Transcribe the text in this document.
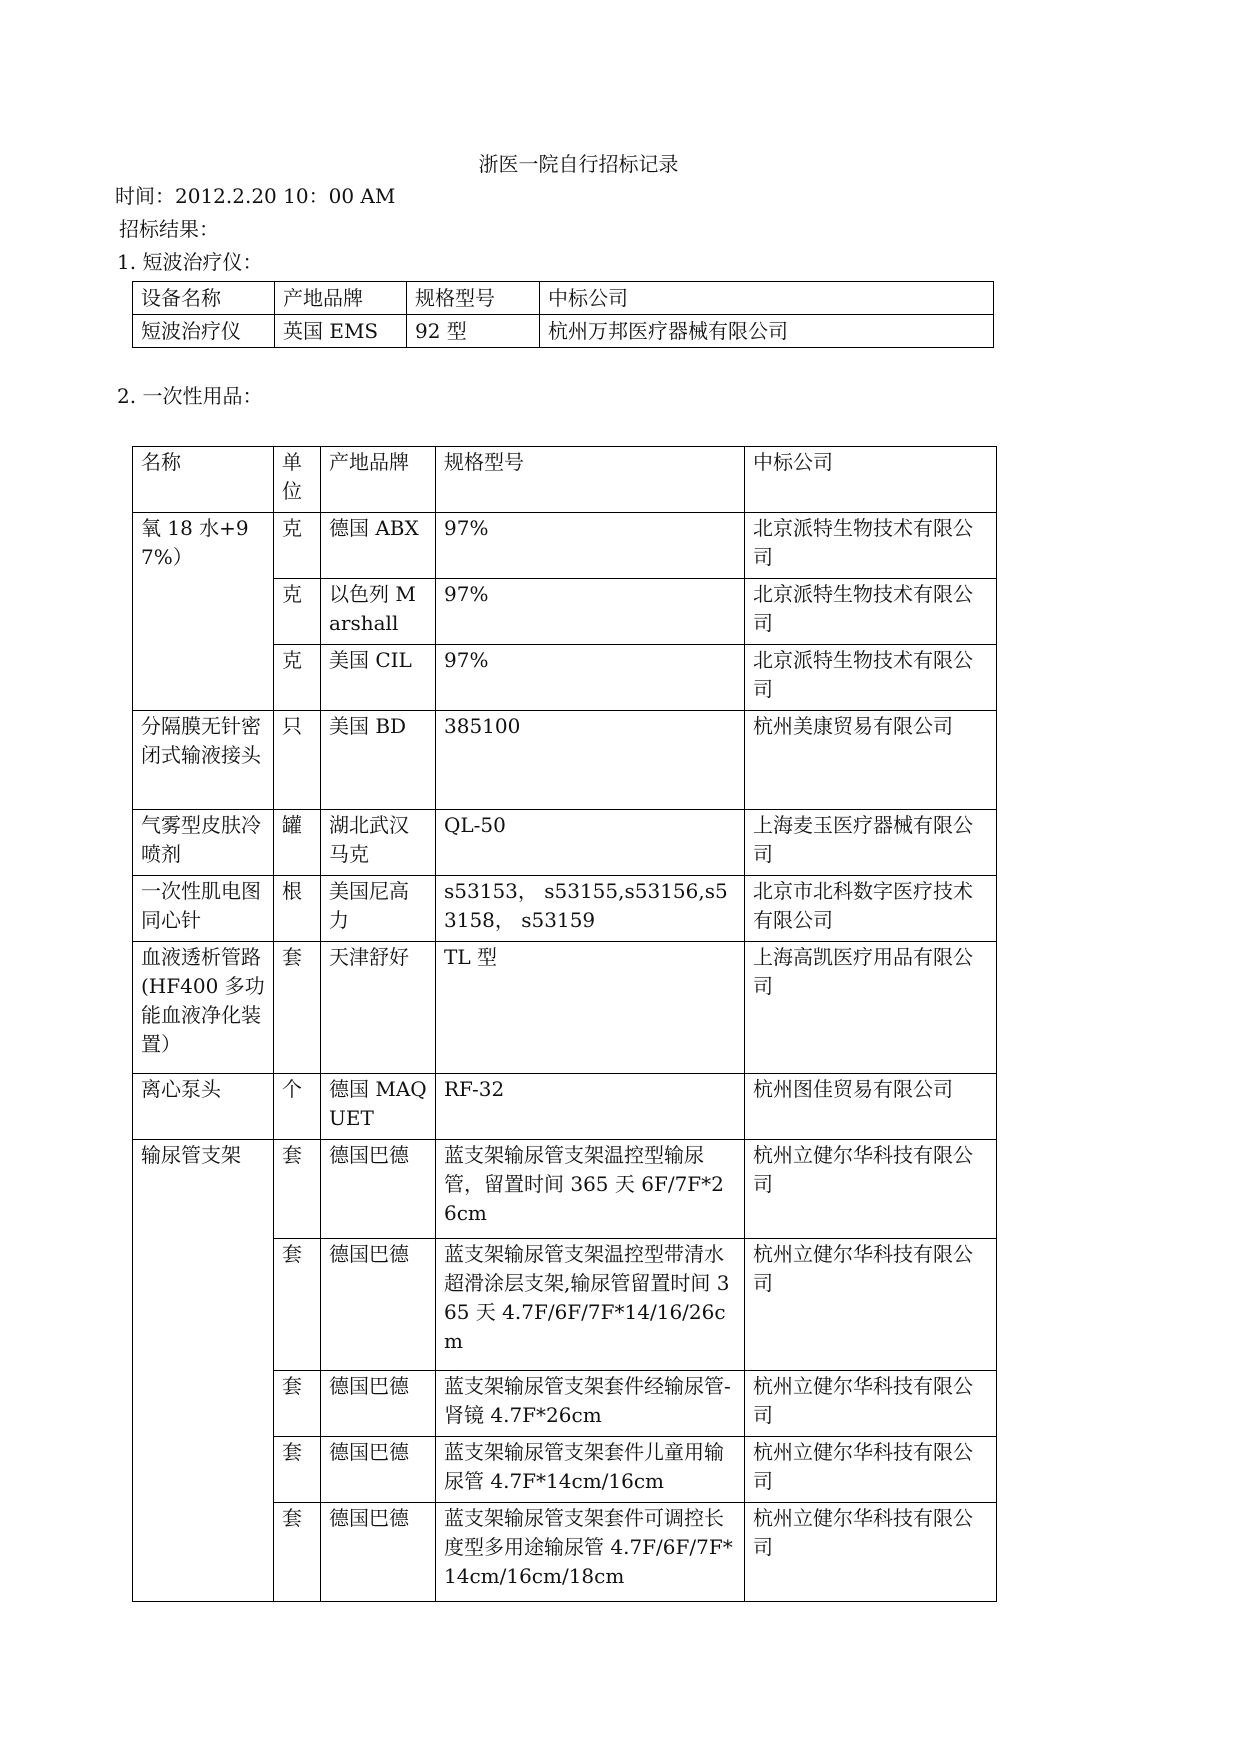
浙医一院自行招标记录
时间：2012.2.20 10：00 AM
招标结果：
1. 短波治疗仪：
设备名称	产地品牌	规格型号	中标公司
短波治疗仪	英国 EMS	92 型	杭州万邦医疗器械有限公司
2. 一次性用品：
名称	单位	产地品牌	规格型号	中标公司
氧 18 水+97%）	克	德国 ABX	97%	北京派特生物技术有限公司
	克	以色列 Marshall	97%	北京派特生物技术有限公司
	克	美国 CIL	97%	北京派特生物技术有限公司
分隔膜无针密闭式输液接头	只	美国 BD	385100	杭州美康贸易有限公司
气雾型皮肤冷喷剂	罐	湖北武汉马克	QL-50	上海麦玉医疗器械有限公司
一次性肌电图同心针	根	美国尼高力	s53153， s53155,s53156,s53158， s53159	北京市北科数字医疗技术有限公司
血液透析管路(HF400 多功能血液净化装置）	套	天津舒好	TL 型	上海高凯医疗用品有限公司
离心泵头	个	德国 MAQUET	RF-32	杭州图佳贸易有限公司
输尿管支架	套	德国巴德	蓝支架输尿管支架温控型输尿管，留置时间 365 天 6F/7F*26cm	杭州立健尔华科技有限公司
	套	德国巴德	蓝支架输尿管支架温控型带清水超滑涂层支架,输尿管留置时间 365 天 4.7F/6F/7F*14/16/26cm	杭州立健尔华科技有限公司
	套	德国巴德	蓝支架输尿管支架套件经输尿管-肾镜 4.7F*26cm	杭州立健尔华科技有限公司
	套	德国巴德	蓝支架输尿管支架套件儿童用输尿管 4.7F*14cm/16cm	杭州立健尔华科技有限公司
	套	德国巴德	蓝支架输尿管支架套件可调控长度型多用途输尿管 4.7F/6F/7F*14cm/16cm/18cm	杭州立健尔华科技有限公司
